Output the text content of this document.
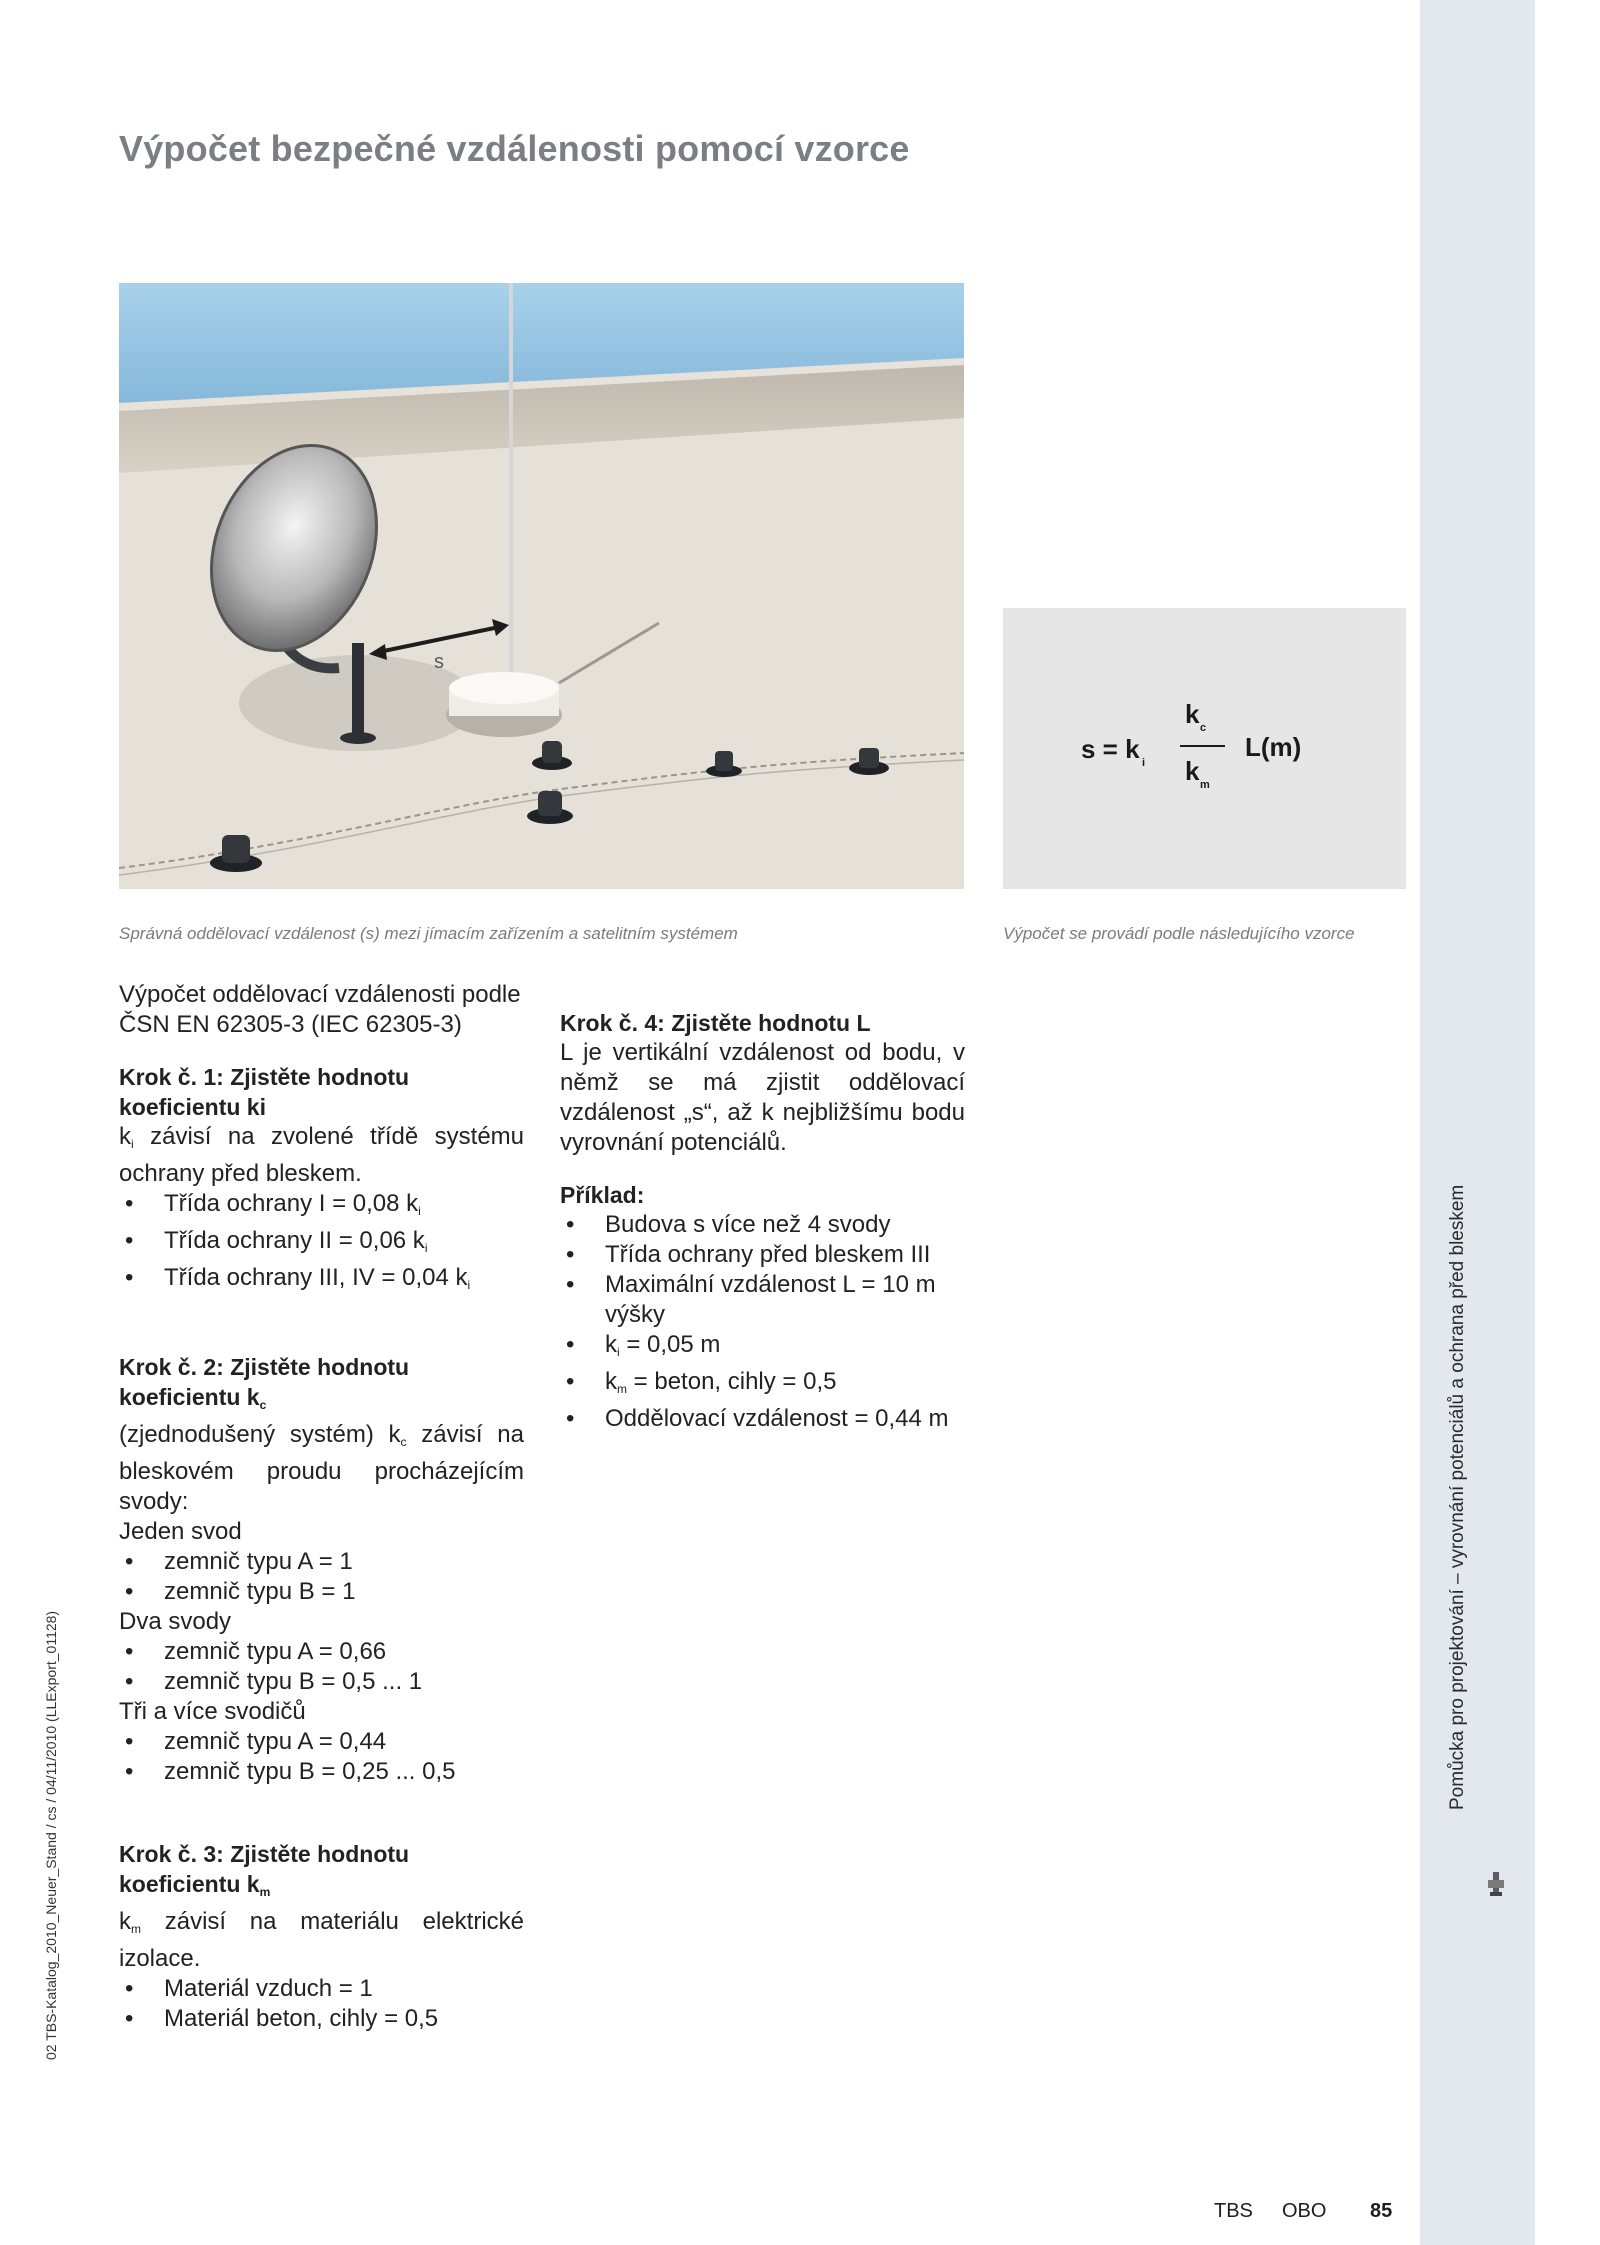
Pomůcka pro projektování – vyrovnání potenciálů a ochrana před bleskem
02 TBS-Katalog_2010_Neuer_Stand / cs / 04/11/2010 (LLExport_01128)
Výpočet bezpečné vzdálenosti pomocí vzorce
s
s = k i
k c
k m
L(m)
Správná oddělovací vzdálenost (s) mezi jímacím zařízením a satelitním systémem	Výpočet se provádí podle následujícího vzorce

Výpočet oddělovací vzdálenosti podle ČSN EN 62305-3 (IEC 62305-3)

Krok č. 1: Zjistěte hodnotu koeficientu ki

$k_i$ závisí na zvolené třídě systému ochrany před bleskem.

• Třída ochrany I = 0,08 $k_i$
• Třída ochrany II = 0,06 $k_i$
• Třída ochrany III, IV = 0,04 $k_i$
Krok č. 2: Zjistěte hodnotu koeficientu $k_c$

(zjednodušený systém) $k_c$ závisí na bleskovém proudu procházejícím svody:

Jeden svod

• zemnič typu A = 1
• zemnič typu B = 1

Dva svody

• zemnič typu A = 0,66
• zemnič typu B = 0,5 ... 1

Tři a více svodičů

• zemnič typu A = 0,44
• zemnič typu B = 0,25 ... 0,5
Krok č. 3: Zjistěte hodnotu koeficientu $k_m$

$k_m$ závisí na materiálu elektrické izolace.

• Materiál vzduch = 1
• Materiál beton, cihly = 0,5
Krok č. 4: Zjistěte hodnotu L

L je vertikální vzdálenost od bodu, v němž se má zjistit oddělovací vzdálenost „s“, až k nejbližšímu bodu vyrovnání potenciálů.

Příklad:
• Budova s více než 4 svody
• Třída ochrany před bleskem III
• Maximální vzdálenost L = 10 m výšky
• $k_i = 0,05$ m
• $k_m$ = beton, cihly = 0,5
• Oddělovací vzdálenost = 0,44 m
TBS OBO 85
